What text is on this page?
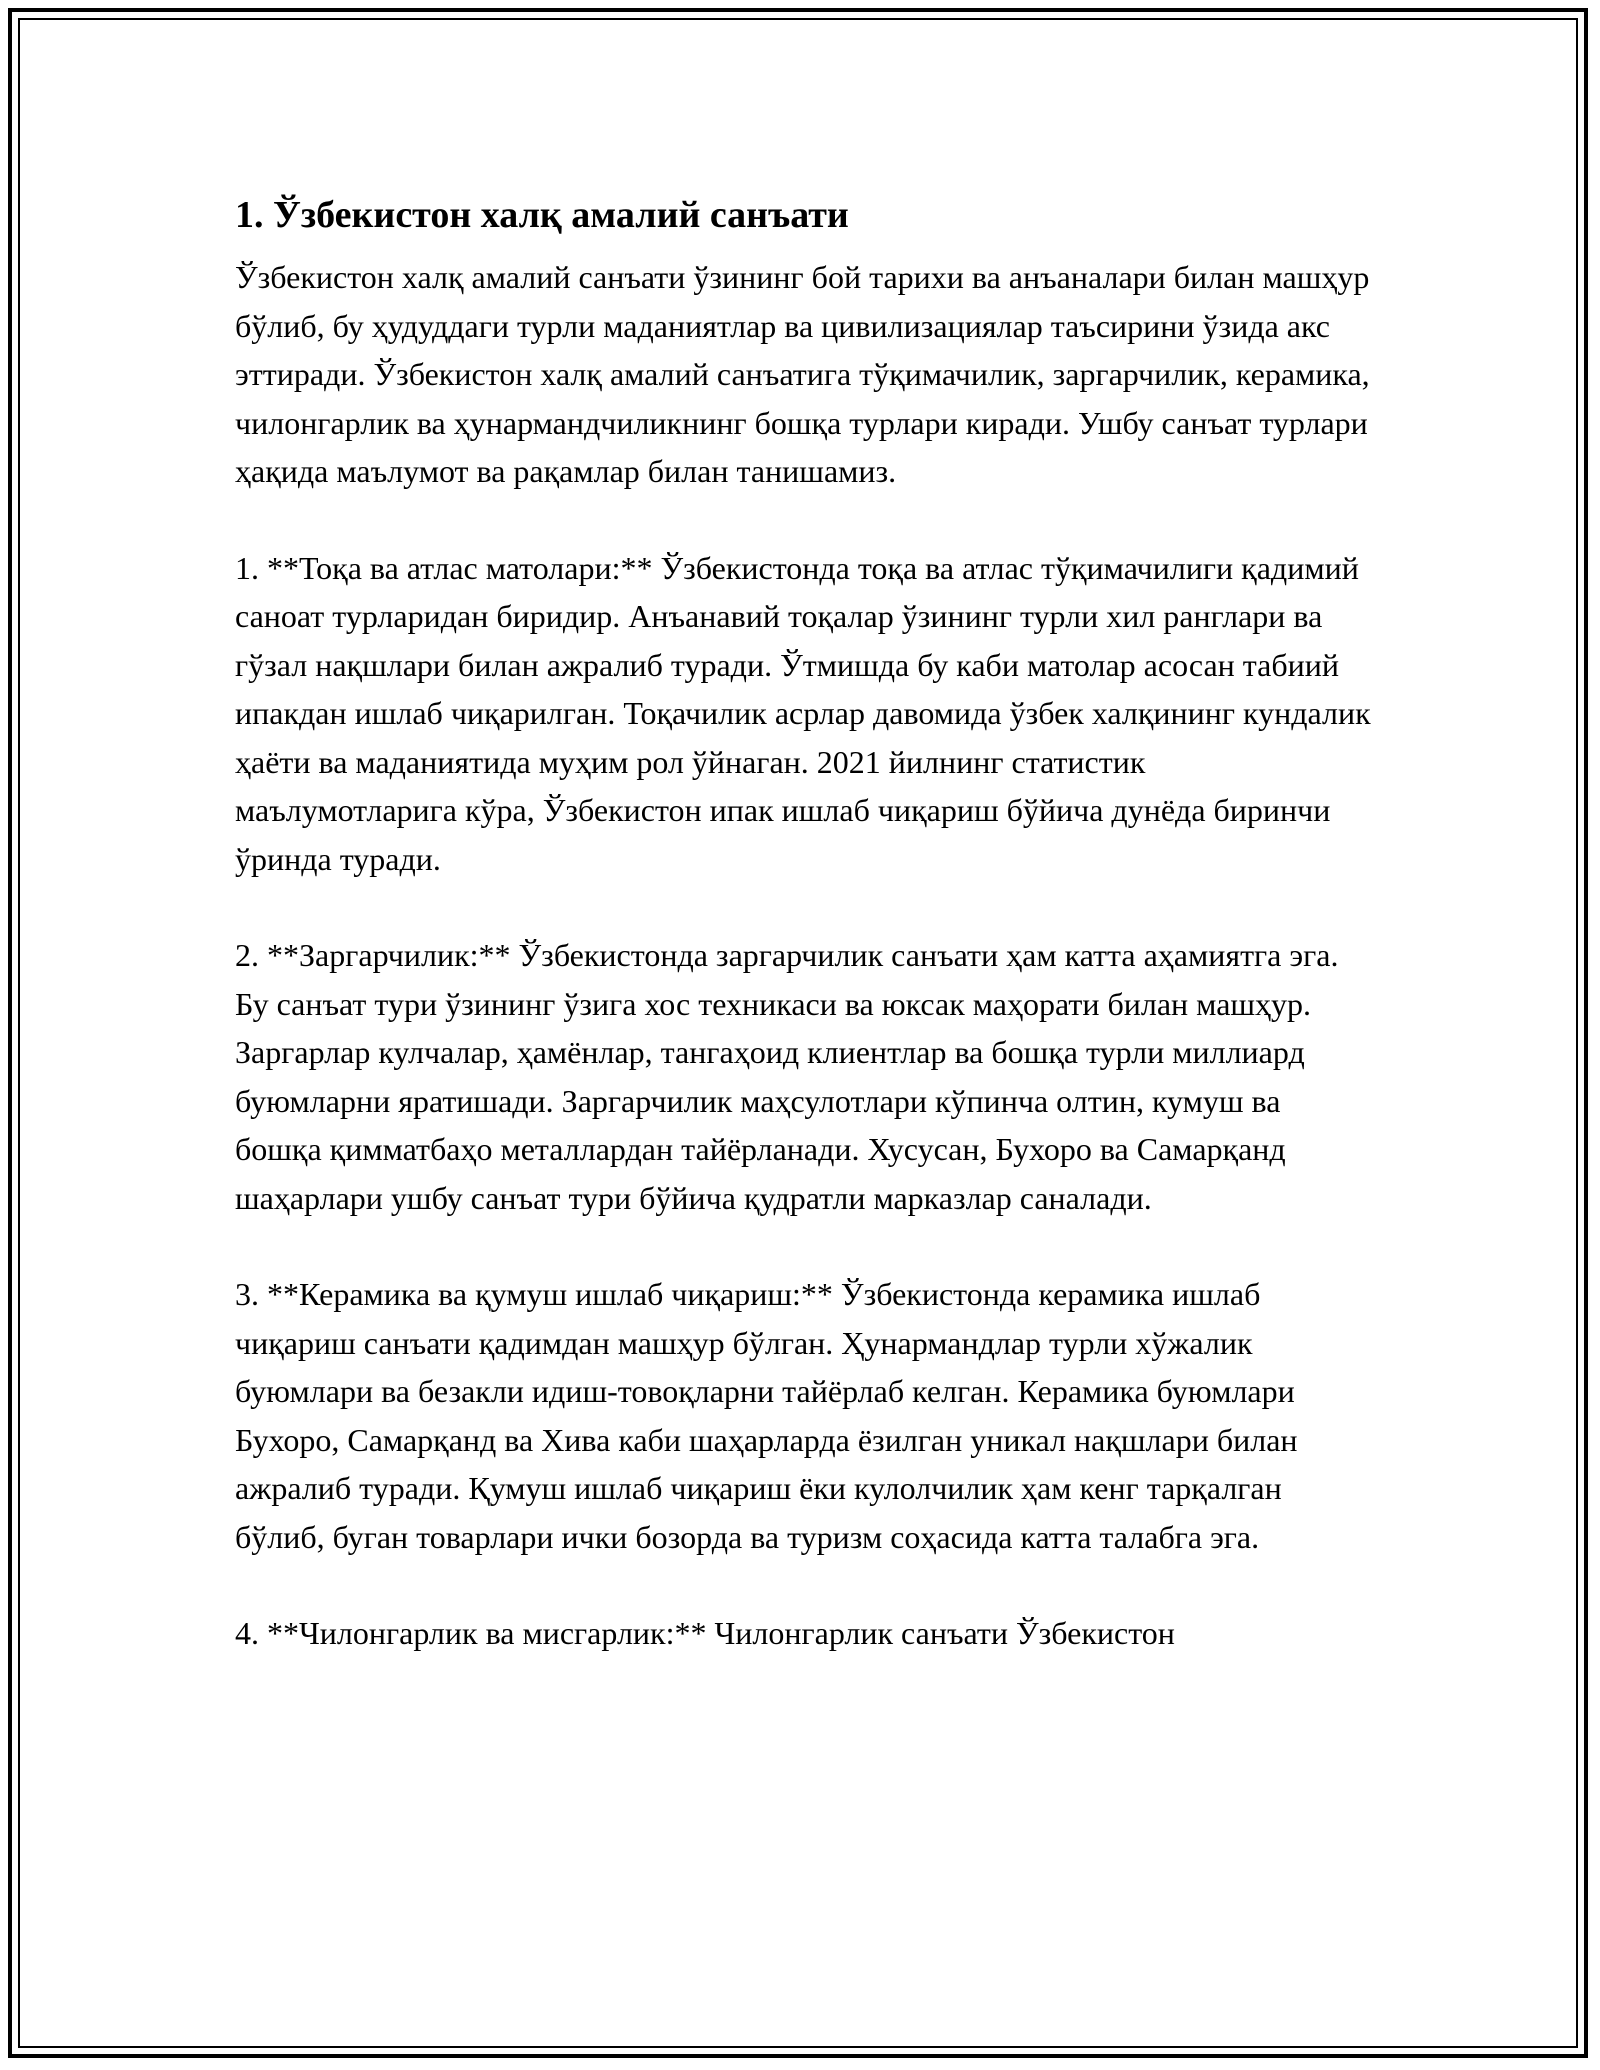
1. Ўзбекистон халқ амалий санъати

Ўзбекистон халқ амалий санъати ўзининг бой тарихи ва анъаналари билан машҳур бўлиб, бу ҳудуддаги турли маданиятлар ва цивилизациялар таъсирини ўзида акс эттиради. Ўзбекистон халқ амалий санъатига тўқимачилик, заргарчилик, керамика, чилонгарлик ва ҳунармандчиликнинг бошқа турлари киради. Ушбу санъат турлари ҳақида маълумот ва рақамлар билан танишамиз.

1. **Тоқа ва атлас матолари:** Ўзбекистонда тоқа ва атлас тўқимачилиги қадимий саноат турларидан биридир. Анъанавий тоқалар ўзининг турли хил ранглари ва гўзал нақшлари билан ажралиб туради. Ўтмишда бу каби матолар асосан табиий ипакдан ишлаб чиқарилган. Тоқачилик асрлар давомида ўзбек халқининг кундалик ҳаёти ва маданиятида муҳим рол ўйнаган. 2021 йилнинг статистик маълумотларига кўра, Ўзбекистон ипак ишлаб чиқариш бўйича дунёда биринчи ўринда туради.

2. **Заргарчилик:** Ўзбекистонда заргарчилик санъати ҳам катта аҳамиятга эга. Бу санъат тури ўзининг ўзига хос техникаси ва юксак маҳорати билан машҳур. Заргарлар кулчалар, ҳамёнлар, тангаҳоид клиентлар ва бошқа турли миллиард буюмларни яратишади. Заргарчилик маҳсулотлари кўпинча олтин, кумуш ва бошқа қимматбаҳо металлардан тайёрланади. Хусусан, Бухоро ва Самарқанд шаҳарлари ушбу санъат тури бўйича қудратли марказлар саналади.

3. **Керамика ва қумуш ишлаб чиқариш:** Ўзбекистонда керамика ишлаб чиқариш санъати қадимдан машҳур бўлган. Ҳунармандлар турли хўжалик буюмлари ва безакли идиш-товоқларни тайёрлаб келган. Керамика буюмлари Бухоро, Самарқанд ва Хива каби шаҳарларда ёзилган уникал нақшлари билан ажралиб туради. Қумуш ишлаб чиқариш ёки кулолчилик ҳам кенг тарқалган бўлиб, буган товарлари ички бозорда ва туризм соҳасида катта талабга эга.

4. **Чилонгарлик ва мисгарлик:** Чилонгарлик санъати Ўзбекистон
